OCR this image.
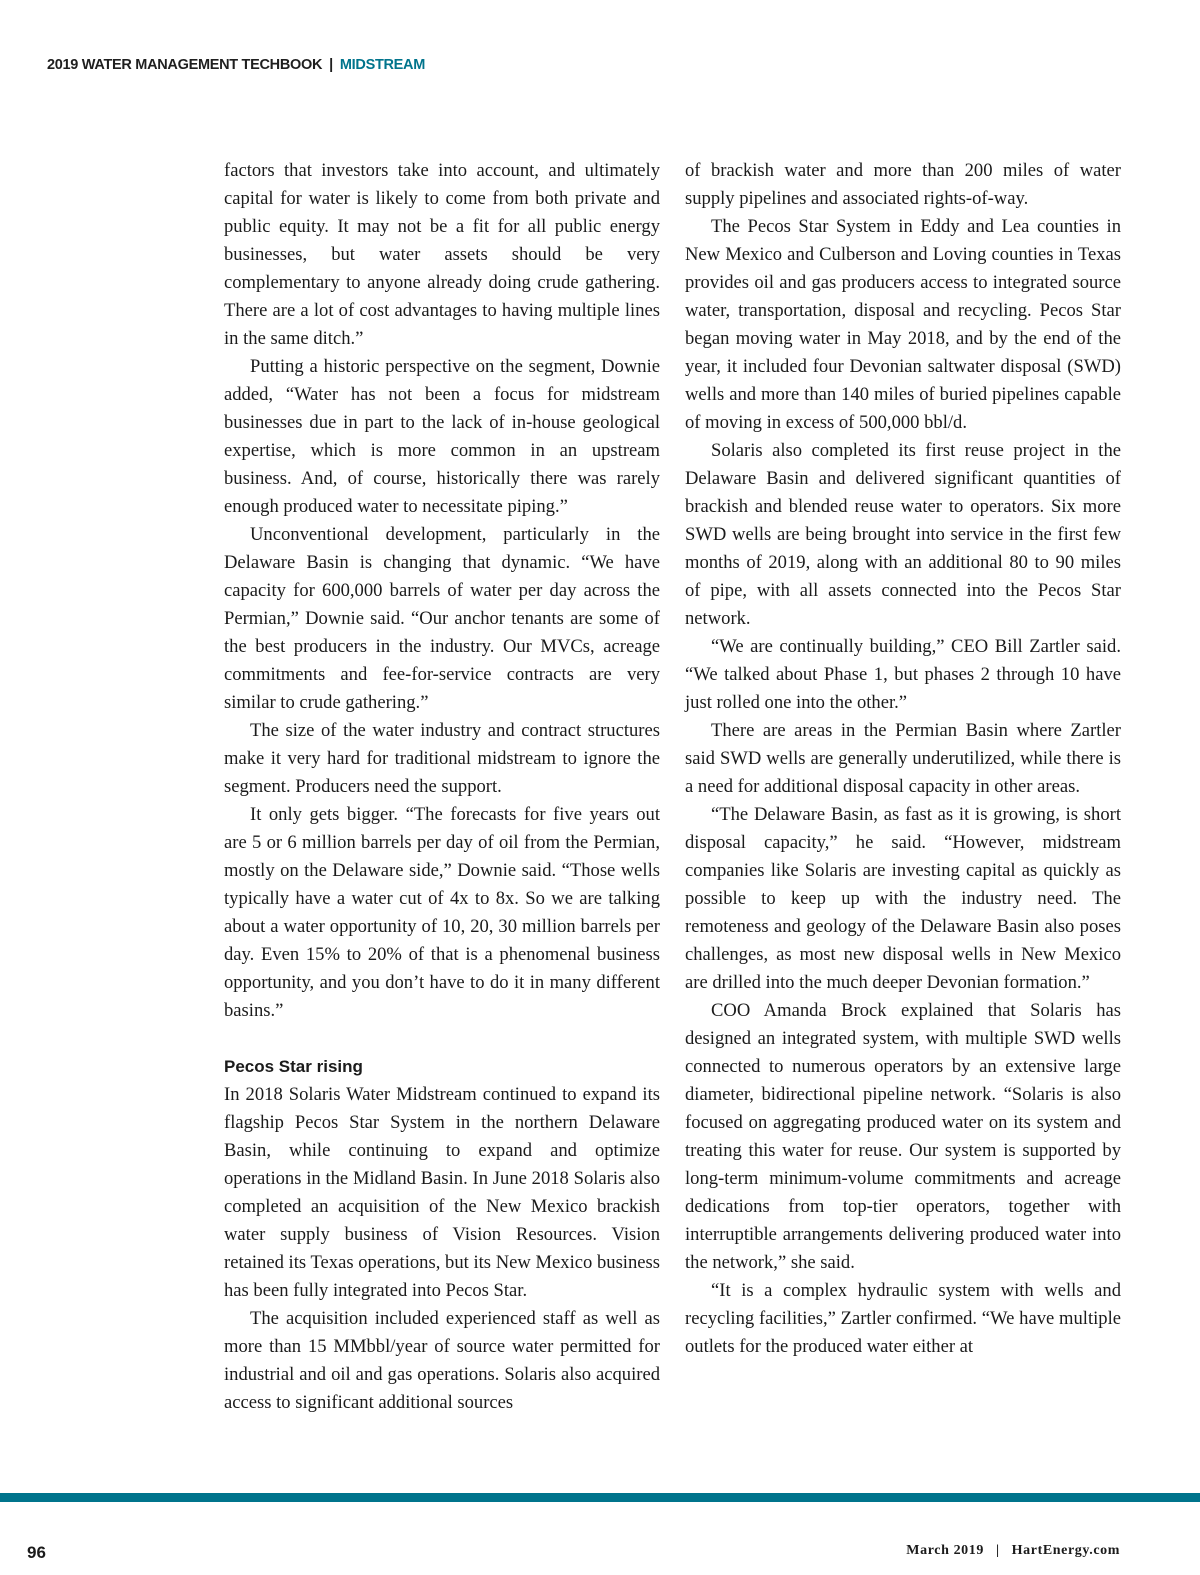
2019 WATER MANAGEMENT TECHBOOK | MIDSTREAM

factors that investors take into account, and ultimately capital for water is likely to come from both private and public equity. It may not be a fit for all public energy businesses, but water assets should be very complementary to anyone already doing crude gathering. There are a lot of cost advantages to having multiple lines in the same ditch.”

Putting a historic perspective on the segment, Downie added, “Water has not been a focus for midstream businesses due in part to the lack of in-house geological expertise, which is more common in an upstream business. And, of course, historically there was rarely enough produced water to necessitate piping.”

Unconventional development, particularly in the Delaware Basin is changing that dynamic. “We have capacity for 600,000 barrels of water per day across the Permian,” Downie said. “Our anchor tenants are some of the best producers in the industry. Our MVCs, acreage commitments and fee-for-service contracts are very similar to crude gathering.”

The size of the water industry and contract structures make it very hard for traditional midstream to ignore the segment. Producers need the support.

It only gets bigger. “The forecasts for five years out are 5 or 6 million barrels per day of oil from the Permian, mostly on the Delaware side,” Downie said. “Those wells typically have a water cut of 4x to 8x. So we are talking about a water opportunity of 10, 20, 30 million barrels per day. Even 15% to 20% of that is a phenomenal business opportunity, and you don’t have to do it in many different basins.”

Pecos Star rising

In 2018 Solaris Water Midstream continued to expand its flagship Pecos Star System in the northern Delaware Basin, while continuing to expand and optimize operations in the Midland Basin. In June 2018 Solaris also completed an acquisition of the New Mexico brackish water supply business of Vision Resources. Vision retained its Texas operations, but its New Mexico business has been fully integrated into Pecos Star.

The acquisition included experienced staff as well as more than 15 MMbbl/year of source water permitted for industrial and oil and gas operations. Solaris also acquired access to significant additional sources

of brackish water and more than 200 miles of water supply pipelines and associated rights-of-way.

The Pecos Star System in Eddy and Lea counties in New Mexico and Culberson and Loving counties in Texas provides oil and gas producers access to integrated source water, transportation, disposal and recycling. Pecos Star began moving water in May 2018, and by the end of the year, it included four Devonian saltwater disposal (SWD) wells and more than 140 miles of buried pipelines capable of moving in excess of 500,000 bbl/d.

Solaris also completed its first reuse project in the Delaware Basin and delivered significant quantities of brackish and blended reuse water to operators. Six more SWD wells are being brought into service in the first few months of 2019, along with an additional 80 to 90 miles of pipe, with all assets connected into the Pecos Star network.

“We are continually building,” CEO Bill Zartler said. “We talked about Phase 1, but phases 2 through 10 have just rolled one into the other.”

There are areas in the Permian Basin where Zartler said SWD wells are generally underutilized, while there is a need for additional disposal capacity in other areas.

“The Delaware Basin, as fast as it is growing, is short disposal capacity,” he said. “However, midstream companies like Solaris are investing capital as quickly as possible to keep up with the industry need. The remoteness and geology of the Delaware Basin also poses challenges, as most new disposal wells in New Mexico are drilled into the much deeper Devonian formation.”

COO Amanda Brock explained that Solaris has designed an integrated system, with multiple SWD wells connected to numerous operators by an extensive large diameter, bidirectional pipeline network. “Solaris is also focused on aggregating produced water on its system and treating this water for reuse. Our system is supported by long-term minimum-volume commitments and acreage dedications from top-tier operators, together with interruptible arrangements delivering produced water into the network,” she said.

“It is a complex hydraulic system with wells and recycling facilities,” Zartler confirmed. “We have multiple outlets for the produced water either at

96	March 2019 | HartEnergy.com
